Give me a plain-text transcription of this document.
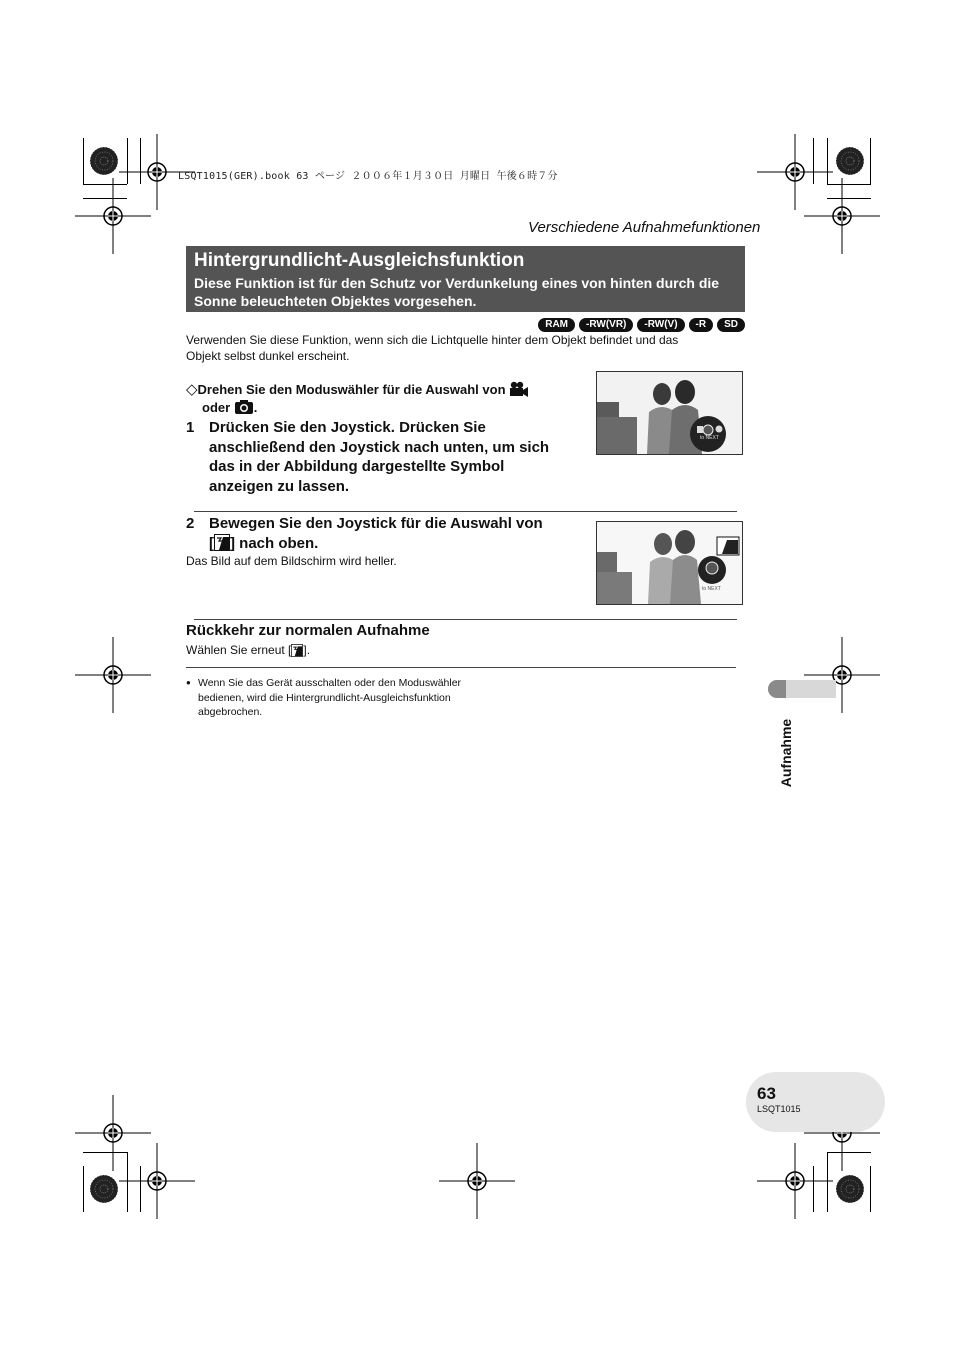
LSQT1015(GER).book 63 ページ ２００６年１月３０日 月曜日 午後６時７分
Verschiedene Aufnahmefunktionen
Hintergrundlicht-Ausgleichsfunktion

Diese Funktion ist für den Schutz vor Verdunkelung eines von hinten durch die Sonne beleuchteten Objektes vorgesehen.

RAM	-RW(VR)	-RW(V)	-R	SD
Verwenden Sie diese Funktion, wenn sich die Lichtquelle hinter dem Objekt befindet und das Objekt selbst dunkel erscheint.
◇Drehen Sie den Moduswähler für die Auswahl von
oder .
1 Drücken Sie den Joystick. Drücken Sie anschließend den Joystick nach unten, um sich das in der Abbildung dargestellte Symbol anzeigen zu lassen.
to NEXT
2 Bewegen Sie den Joystick für die Auswahl von
[ ] nach oben.
Das Bild auf dem Bildschirm wird heller.
to NEXT
Rückkehr zur normalen Aufnahme
Wählen Sie erneut [ ].
● Wenn Sie das Gerät ausschalten oder den Moduswähler bedienen, wird die Hintergrundlicht-Ausgleichsfunktion abgebrochen.
Aufnahme
63
LSQT1015
